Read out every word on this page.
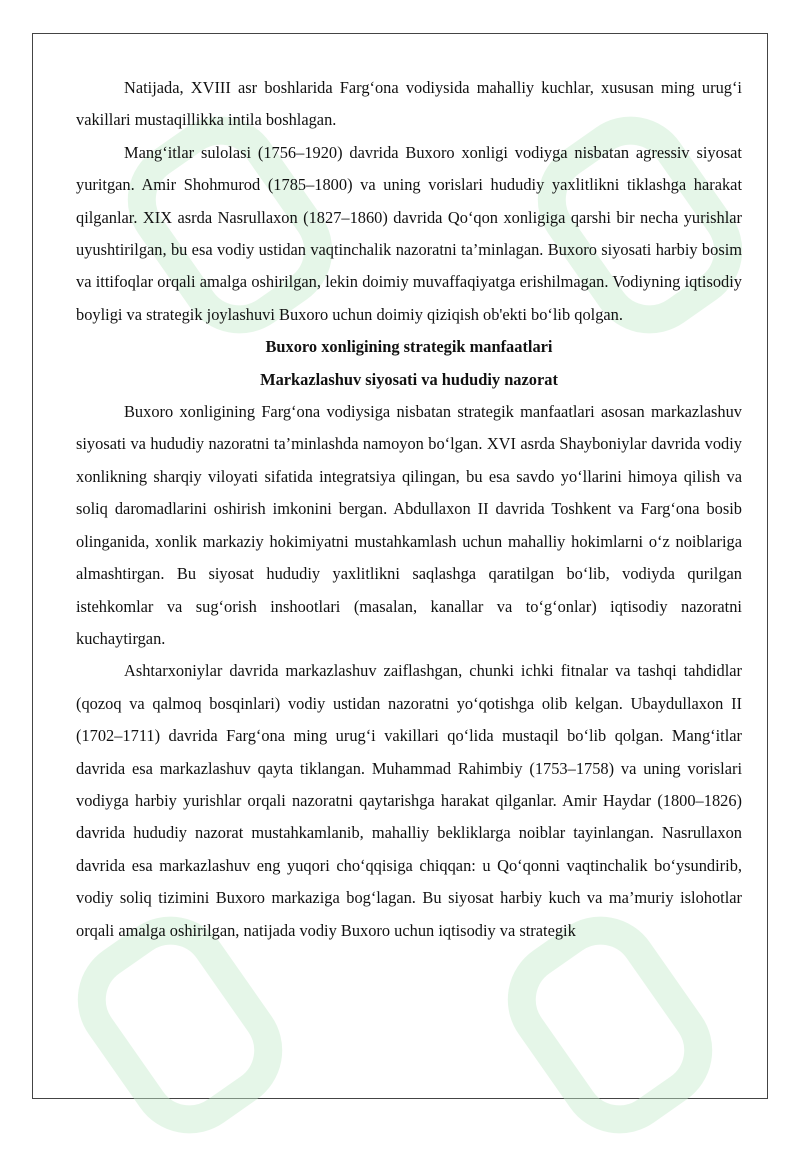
Natijada, XVIII asr boshlarida Farg‘ona vodiysida mahalliy kuchlar, xususan ming urug‘i vakillari mustaqillikka intila boshlagan.

Mang‘itlar sulolasi (1756–1920) davrida Buxoro xonligi vodiyga nisbatan agressiv siyosat yuritgan. Amir Shohmurod (1785–1800) va uning vorislari hududiy yaxlitlikni tiklashga harakat qilganlar. XIX asrda Nasrullaxon (1827–1860) davrida Qo‘qon xonligiga qarshi bir necha yurishlar uyushtirilgan, bu esa vodiy ustidan vaqtinchalik nazoratni ta’minlagan. Buxoro siyosati harbiy bosim va ittifoqlar orqali amalga oshirilgan, lekin doimiy muvaffaqiyatga erishilmagan. Vodiyning iqtisodiy boyligi va strategik joylashuvi Buxoro uchun doimiy qiziqish ob'ekti bo‘lib qolgan.

Buxoro xonligining strategik manfaatlari
Markazlashuv siyosati va hududiy nazorat

Buxoro xonligining Farg‘ona vodiysiga nisbatan strategik manfaatlari asosan markazlashuv siyosati va hududiy nazoratni ta’minlashda namoyon bo‘lgan. XVI asrda Shayboniylar davrida vodiy xonlikning sharqiy viloyati sifatida integratsiya qilingan, bu esa savdo yo‘llarini himoya qilish va soliq daromadlarini oshirish imkonini bergan. Abdullaxon II davrida Toshkent va Farg‘ona bosib olinganida, xonlik markaziy hokimiyatni mustahkamlash uchun mahalliy hokimlarni o‘z noiblariga almashtirgan. Bu siyosat hududiy yaxlitlikni saqlashga qaratilgan bo‘lib, vodiyda qurilgan istehkomlar va sug‘orish inshootlari (masalan, kanallar va to‘g‘onlar) iqtisodiy nazoratni kuchaytirgan.

Ashtarxoniylar davrida markazlashuv zaiflashgan, chunki ichki fitnalar va tashqi tahdidlar (qozoq va qalmoq bosqinlari) vodiy ustidan nazoratni yo‘qotishga olib kelgan. Ubaydullaxon II (1702–1711) davrida Farg‘ona ming urug‘i vakillari qo‘lida mustaqil bo‘lib qolgan. Mang‘itlar davrida esa markazlashuv qayta tiklangan. Muhammad Rahimbiy (1753–1758) va uning vorislari vodiyga harbiy yurishlar orqali nazoratni qaytarishga harakat qilganlar. Amir Haydar (1800–1826) davrida hududiy nazorat mustahkamlanib, mahalliy bekliklarga noiblar tayinlangan. Nasrullaxon davrida esa markazlashuv eng yuqori cho‘qqisiga chiqqan: u Qo‘qonni vaqtinchalik bo‘ysundirib, vodiy soliq tizimini Buxoro markaziga bog‘lagan. Bu siyosat harbiy kuch va ma’muriy islohotlar orqali amalga oshirilgan, natijada vodiy Buxoro uchun iqtisodiy va strategik
